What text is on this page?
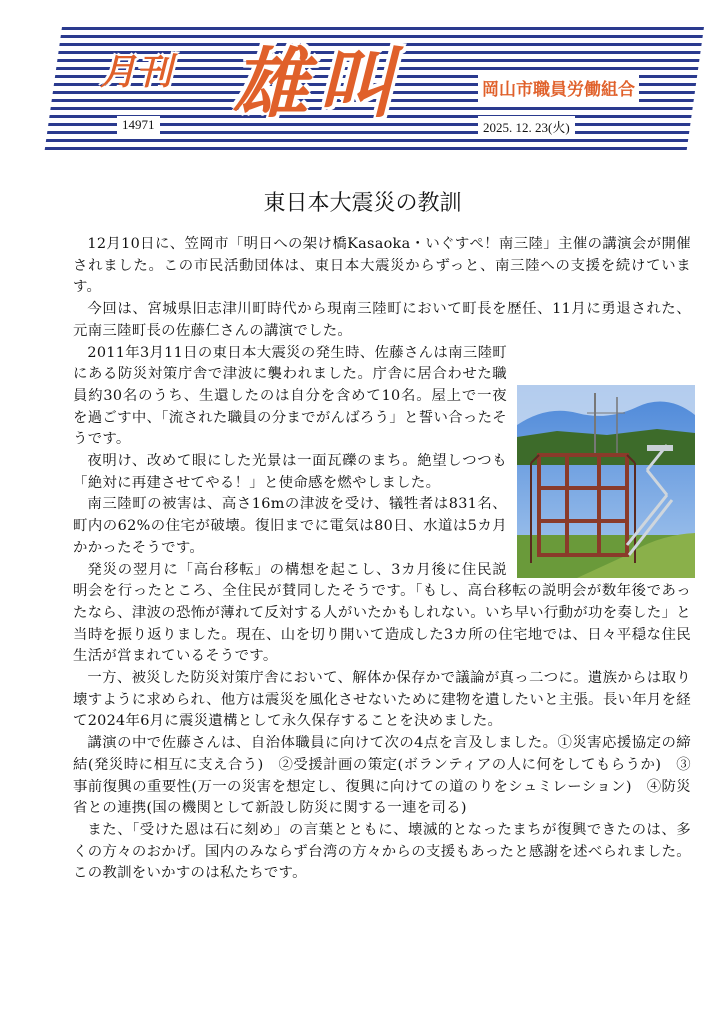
月刊 雄叫	岡山市職員労働組合
14971	2025. 12. 23(火)
東日本大震災の教訓

12月10日に、笠岡市「明日への架け橋Kasaoka・いぐすぺ！南三陸」主催の講演会が開催されました。この市民活動団体は、東日本大震災からずっと、南三陸への支援を続けています。

今回は、宮城県旧志津川町時代から現南三陸町において町長を歴任、11月に勇退された、元南三陸町長の佐藤仁さんの講演でした。

2011年3月11日の東日本大震災の発生時、佐藤さんは南三陸町にある防災対策庁舎で津波に襲われました。庁舎に居合わせた職員約30名のうち、生還したのは自分を含めて10名。屋上で一夜を過ごす中、「流された職員の分までがんばろう」と誓い合ったそうです。

夜明け、改めて眼にした光景は一面瓦礫のまち。絶望しつつも「絶対に再建させてやる！」と使命感を燃やしました。

南三陸町の被害は、高さ16mの津波を受け、犠牲者は831名、町内の62%の住宅が破壊。復旧までに電気は80日、水道は5カ月かかったそうです。

発災の翌月に「高台移転」の構想を起こし、3カ月後に住民説明会を行ったところ、全住民が賛同したそうです。「もし、高台移転の説明会が数年後であったなら、津波の恐怖が薄れて反対する人がいたかもしれない。いち早い行動が功を奏した」と当時を振り返りました。現在、山を切り開いて造成した3カ所の住宅地では、日々平穏な住民生活が営まれているそうです。

一方、被災した防災対策庁舎において、解体か保存かで議論が真っ二つに。遺族からは取り壊すように求められ、他方は震災を風化させないために建物を遺したいと主張。長い年月を経て2024年6月に震災遺構として永久保存することを決めました。

講演の中で佐藤さんは、自治体職員に向けて次の4点を言及しました。①災害応援協定の締結(発災時に相互に支え合う)　②受援計画の策定(ボランティアの人に何をしてもらうか)　③事前復興の重要性(万一の災害を想定し、復興に向けての道のりをシュミレーション)　④防災省との連携(国の機関として新設し防災に関する一連を司る)

また、「受けた恩は石に刻め」の言葉とともに、壊滅的となったまちが復興できたのは、多くの方々のおかげ。国内のみならず台湾の方々からの支援もあったと感謝を述べられました。この教訓をいかすのは私たちです。
